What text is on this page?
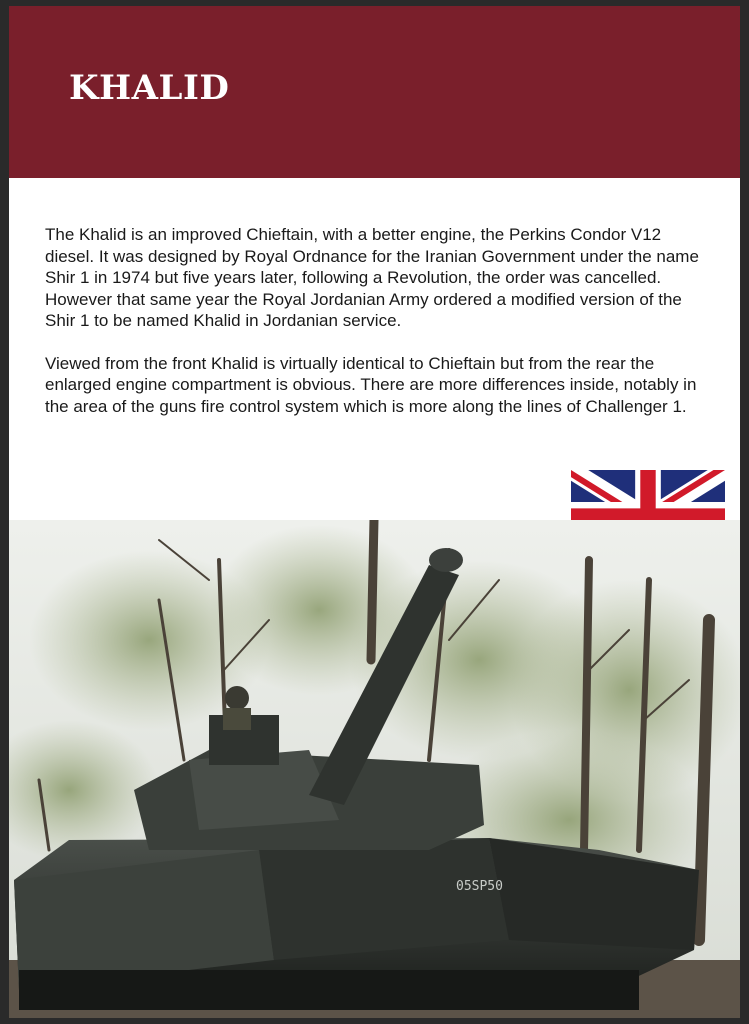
KHALID

The Khalid is an improved Chieftain, with a better engine, the Perkins Condor V12 diesel. It was designed by Royal Ordnance for the Iranian Government under the name Shir 1 in 1974 but five years later, following a Revolution, the order was cancelled. However that same year the Royal Jordanian Army ordered a modified version of the Shir 1 to be named Khalid in Jordanian service.

Viewed from the front Khalid is virtually identical to Chieftain but from the rear the enlarged engine compartment is obvious. There are more differences inside, notably in the area of the guns fire control system which is more along the lines of Challenger 1.

05SP50
